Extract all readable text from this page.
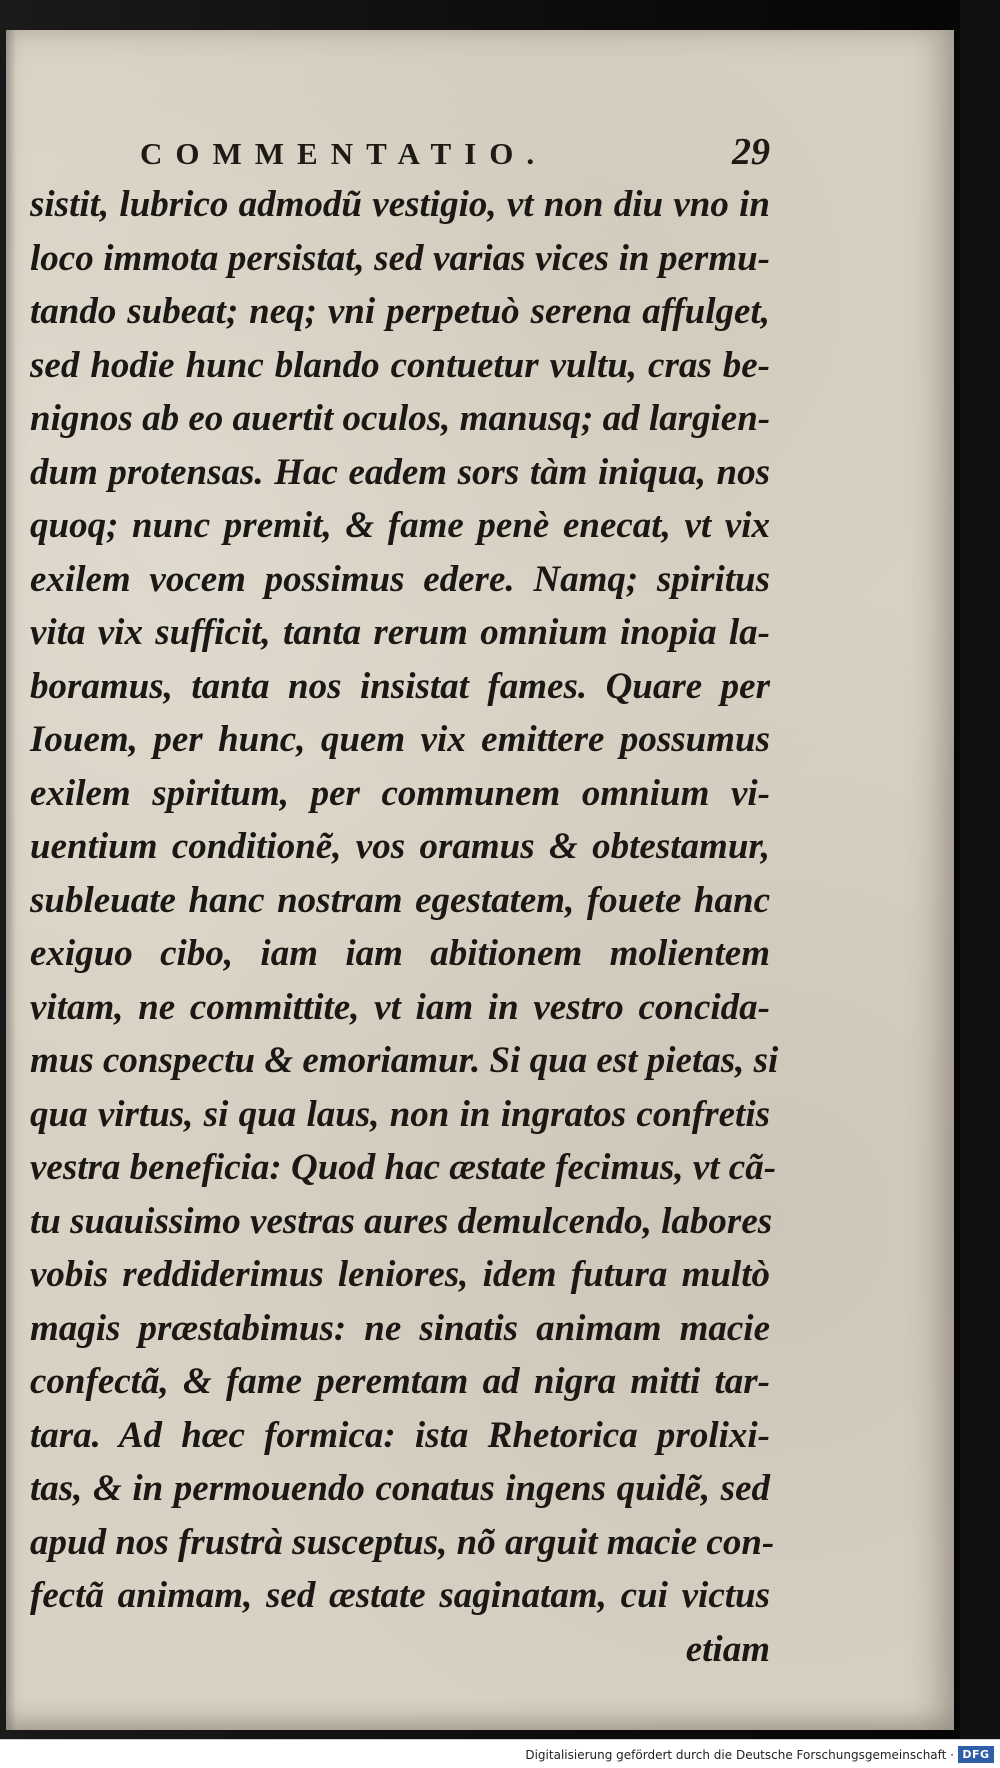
COMMENTATIO.	29
sistit, lubrico admodũ vestigio, vt non diu vno in
loco immota persistat, sed varias vices in permu-
tando subeat; neq; vni perpetuò serena affulget,
sed hodie hunc blando contuetur vultu, cras be-
nignos ab eo auertit oculos, manusq; ad largien-
dum protensas. Hac eadem sors tàm iniqua, nos
quoq; nunc premit, & fame penè enecat, vt vix
exilem vocem possimus edere. Namq; spiritus
vita vix sufficit, tanta rerum omnium inopia la-
boramus, tanta nos insistat fames. Quare per
Iouem, per hunc, quem vix emittere possumus
exilem spiritum, per communem omnium vi-
uentium conditionẽ, vos oramus & obtestamur,
subleuate hanc nostram egestatem, fouete hanc
exiguo cibo, iam iam abitionem molientem
vitam, ne committite, vt iam in vestro concida-
mus conspectu & emoriamur. Si qua est pietas, si
qua virtus, si qua laus, non in ingratos confretis
vestra beneficia: Quod hac æstate fecimus, vt cã-
tu suauissimo vestras aures demulcendo, labores
vobis reddiderimus leniores, idem futura multò
magis præstabimus: ne sinatis animam macie
confectã, & fame peremtam ad nigra mitti tar-
tara. Ad hæc formica: ista Rhetorica prolixi-
tas, & in permouendo conatus ingens quidẽ, sed
apud nos frustrà susceptus, nõ arguit macie con-
fectã animam, sed æstate saginatam, cui victus
etiam
Digitalisierung gefördert durch die Deutsche Forschungsgemeinschaft · DFG
